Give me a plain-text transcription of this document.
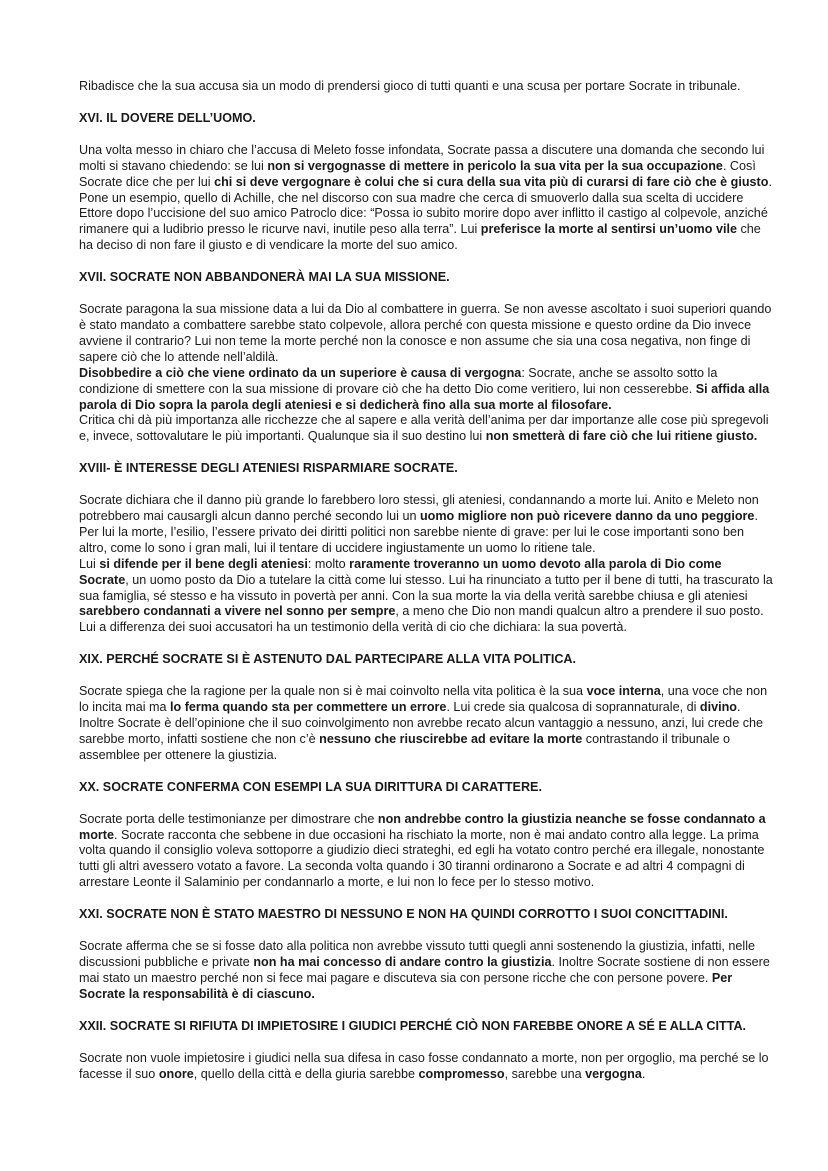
Ribadisce che la sua accusa sia un modo di prendersi gioco di tutti quanti e una scusa per portare Socrate in tribunale.

XVI. IL DOVERE DELL’UOMO.

Una volta messo in chiaro che l’accusa di Meleto fosse infondata, Socrate passa a discutere una domanda che secondo lui molti si stavano chiedendo: se lui non si vergognasse di mettere in pericolo la sua vita per la sua occupazione. Così Socrate dice che per lui chi si deve vergognare è colui che si cura della sua vita più di curarsi di fare ciò che è giusto. Pone un esempio, quello di Achille, che nel discorso con sua madre che cerca di smuoverlo dalla sua scelta di uccidere Ettore dopo l’uccisione del suo amico Patroclo dice: “Possa io subito morire dopo aver inflitto il castigo al colpevole, anziché rimanere qui a ludibrio presso le ricurve navi, inutile peso alla terra”. Lui preferisce la morte al sentirsi un’uomo vile che ha deciso di non fare il giusto e di vendicare la morte del suo amico.

XVII. SOCRATE NON ABBANDONERÀ MAI LA SUA MISSIONE.

Socrate paragona la sua missione data a lui da Dio al combattere in guerra. Se non avesse ascoltato i suoi superiori quando è stato mandato a combattere sarebbe stato colpevole, allora perché con questa missione e questo ordine da Dio invece avviene il contrario? Lui non teme la morte perché non la conosce e non assume che sia una cosa negativa, non finge di sapere ciò che lo attende nell’aldilà.

Disobbedire a ciò che viene ordinato da un superiore è causa di vergogna: Socrate, anche se assolto sotto la condizione di smettere con la sua missione di provare ciò che ha detto Dio come veritiero, lui non cesserebbe. Si affida alla parola di Dio sopra la parola degli ateniesi e si dedicherà fino alla sua morte al filosofare.

Critica chi dà più importanza alle ricchezze che al sapere e alla verità dell’anima per dar importanze alle cose più spregevoli e, invece, sottovalutare le più importanti. Qualunque sia il suo destino lui non smetterà di fare ciò che lui ritiene giusto.

XVIII- È INTERESSE DEGLI ATENIESI RISPARMIARE SOCRATE.

Socrate dichiara che il danno più grande lo farebbero loro stessi, gli ateniesi, condannando a morte lui. Anito e Meleto non potrebbero mai causargli alcun danno perché secondo lui un uomo migliore non può ricevere danno da uno peggiore. Per lui la morte, l’esilio, l’essere privato dei diritti politici non sarebbe niente di grave: per lui le cose importanti sono ben altro, come lo sono i gran mali, lui il tentare di uccidere ingiustamente un uomo lo ritiene tale.

Lui si difende per il bene degli ateniesi: molto raramente troveranno un uomo devoto alla parola di Dio come Socrate, un uomo posto da Dio a tutelare la città come lui stesso. Lui ha rinunciato a tutto per il bene di tutti, ha trascurato la sua famiglia, sé stesso e ha vissuto in povertà per anni. Con la sua morte la via della verità sarebbe chiusa e gli ateniesi sarebbero condannati a vivere nel sonno per sempre, a meno che Dio non mandi qualcun altro a prendere il suo posto. Lui a differenza dei suoi accusatori ha un testimonio della verità di cio che dichiara: la sua povertà.

XIX. PERCHÉ SOCRATE SI È ASTENUTO DAL PARTECIPARE ALLA VITA POLITICA.

Socrate spiega che la ragione per la quale non si è mai coinvolto nella vita politica è la sua voce interna, una voce che non lo incita mai ma lo ferma quando sta per commettere un errore. Lui crede sia qualcosa di soprannaturale, di divino.

Inoltre Socrate è dell’opinione che il suo coinvolgimento non avrebbe recato alcun vantaggio a nessuno, anzi, lui crede che sarebbe morto, infatti sostiene che non c’è nessuno che riuscirebbe ad evitare la morte contrastando il tribunale o assemblee per ottenere la giustizia.

XX. SOCRATE CONFERMA CON ESEMPI LA SUA DIRITTURA DI CARATTERE.

Socrate porta delle testimonianze per dimostrare che non andrebbe contro la giustizia neanche se fosse condannato a morte. Socrate racconta che sebbene in due occasioni ha rischiato la morte, non è mai andato contro alla legge. La prima volta quando il consiglio voleva sottoporre a giudizio dieci strateghi, ed egli ha votato contro perché era illegale, nonostante tutti gli altri avessero votato a favore. La seconda volta quando i 30 tiranni ordinarono a Socrate e ad altri 4 compagni di arrestare Leonte il Salaminio per condannarlo a morte, e lui non lo fece per lo stesso motivo.

XXI. SOCRATE NON È STATO MAESTRO DI NESSUNO E NON HA QUINDI CORROTTO I SUOI CONCITTADINI.

Socrate afferma che se si fosse dato alla politica non avrebbe vissuto tutti quegli anni sostenendo la giustizia, infatti, nelle discussioni pubbliche e private non ha mai concesso di andare contro la giustizia. Inoltre Socrate sostiene di non essere mai stato un maestro perché non si fece mai pagare e discuteva sia con persone ricche che con persone povere. Per Socrate la responsabilità è di ciascuno.

XXII. SOCRATE SI RIFIUTA DI IMPIETOSIRE I GIUDICI PERCHÉ CIÒ NON FAREBBE ONORE A SÉ E ALLA CITTA.

Socrate non vuole impietosire i giudici nella sua difesa in caso fosse condannato a morte, non per orgoglio, ma perché se lo facesse il suo onore, quello della città e della giuria sarebbe compromesso, sarebbe una vergogna.
